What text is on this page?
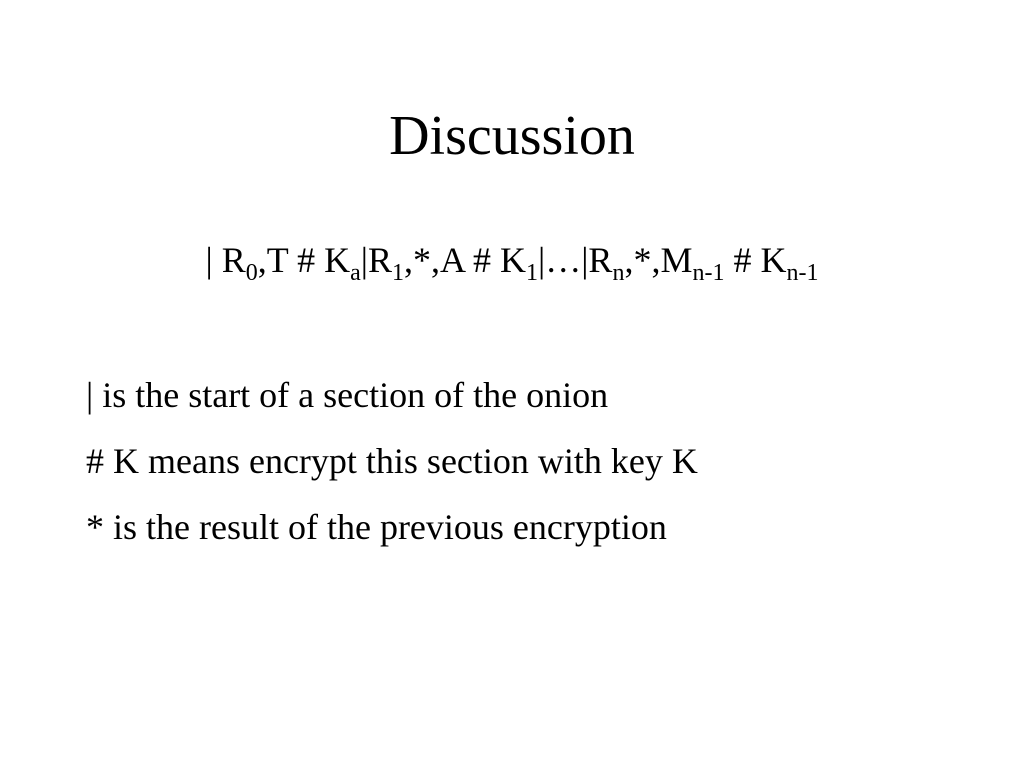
Discussion
| $R_0,T$ # $K_a|R_1,*,A$ # $K_1|\dots|R_n,*,M_{n-1}$ # $K_{n-1}$
| is the start of a section of the onion
# K means encrypt this section with key K
* is the result of the previous encryption
